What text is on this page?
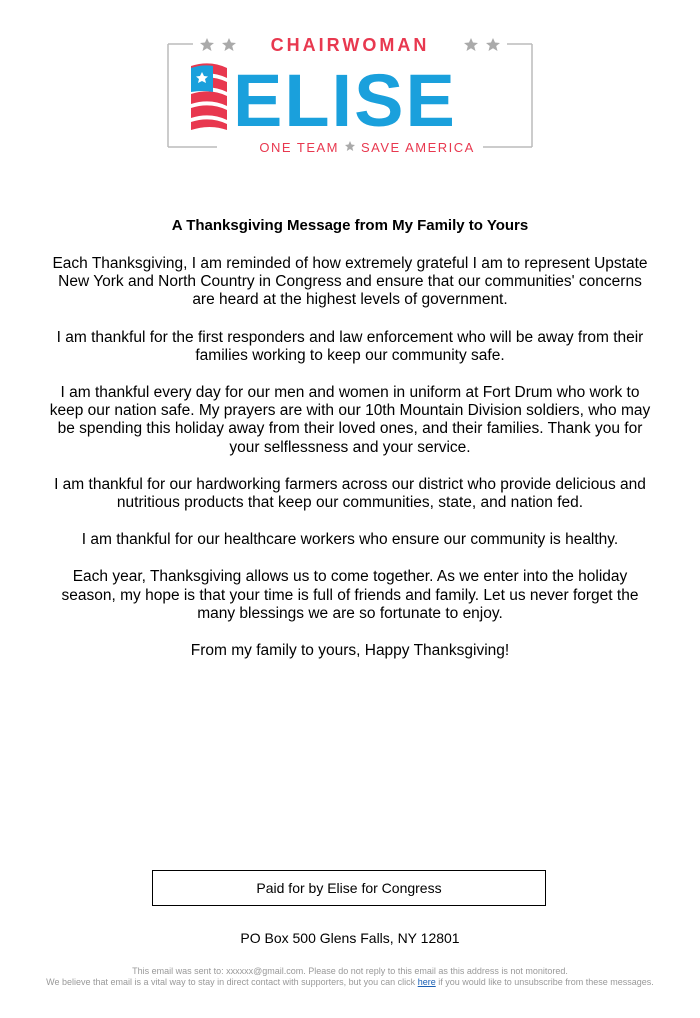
CHAIRWOMAN
ELISE
ONE TEAM SAVE AMERICA
A Thanksgiving Message from My Family to Yours

Each Thanksgiving, I am reminded of how extremely grateful I am to represent Upstate New York and North Country in Congress and ensure that our communities' concerns are heard at the highest levels of government.

I am thankful for the first responders and law enforcement who will be away from their families working to keep our community safe.

I am thankful every day for our men and women in uniform at Fort Drum who work to keep our nation safe. My prayers are with our 10th Mountain Division soldiers, who may be spending this holiday away from their loved ones, and their families. Thank you for your selflessness and your service.

I am thankful for our hardworking farmers across our district who provide delicious and nutritious products that keep our communities, state, and nation fed.

I am thankful for our healthcare workers who ensure our community is healthy.

Each year, Thanksgiving allows us to come together. As we enter into the holiday season, my hope is that your time is full of friends and family. Let us never forget the many blessings we are so fortunate to enjoy.

From my family to yours, Happy Thanksgiving!

Paid for by Elise for Congress
PO Box 500 Glens Falls, NY 12801
This email was sent to: xxxxxx@gmail.com. Please do not reply to this email as this address is not monitored.
We believe that email is a vital way to stay in direct contact with supporters, but you can click here if you would like to unsubscribe from these messages.
